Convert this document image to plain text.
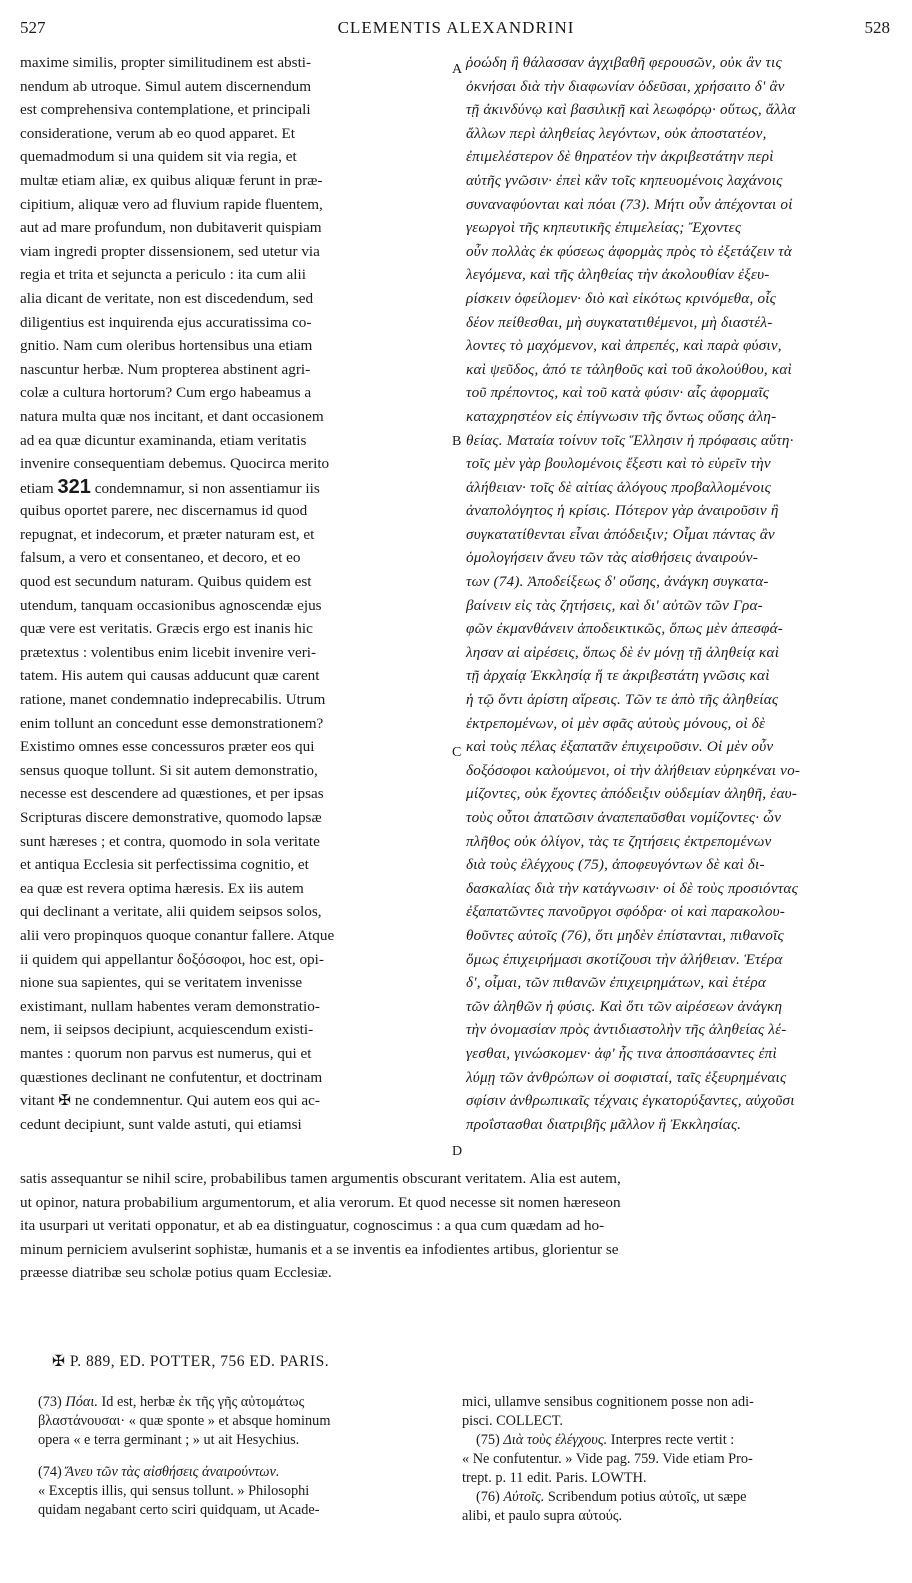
527	CLEMENTIS ALEXANDRINI	528
maxime similis, propter similitudinem est absti-
nendum ab utroque. Simul autem discernendum
est comprehensiva contemplatione, et principali
consideratione, verum ab eo quod apparet. Et
quemadmodum si una quidem sit via regia, et
multæ etiam aliæ, ex quibus aliquæ ferunt in præ-
cipitium, aliquæ vero ad fluvium rapide fluentem,
aut ad mare profundum, non dubitaverit quispiam
viam ingredi propter dissensionem, sed utetur via
regia et trita et sejuncta a periculo : ita cum alii
alia dicant de veritate, non est discedendum, sed
diligentius est inquirenda ejus accuratissima co-
gnitio. Nam cum oleribus hortensibus una etiam
nascuntur herbæ. Num propterea abstinent agri-
colæ a cultura hortorum? Cum ergo habeamus a
natura multa quæ nos incitant, et dant occasionem
ad ea quæ dicuntur examinanda, etiam veritatis
invenire consequentiam debemus. Quocirca merito
etiam 321 condemnamur, si non assentiamur iis
quibus oportet parere, nec discernamus id quod
repugnat, et indecorum, et præter naturam est, et
falsum, a vero et consentaneo, et decoro, et eo
quod est secundum naturam. Quibus quidem est
utendum, tanquam occasionibus agnoscendæ ejus
quæ vere est veritatis. Græcis ergo est inanis hic
prætextus : volentibus enim licebit invenire veri-
tatem. His autem qui causas adducunt quæ carent
ratione, manet condemnatio indeprecabilis. Utrum
enim tollunt an concedunt esse demonstrationem?
Existimo omnes esse concessuros præter eos qui
sensus quoque tollunt. Si sit autem demonstratio,
necesse est descendere ad quæstiones, et per ipsas
Scripturas discere demonstrative, quomodo lapsæ
sunt hæreses ; et contra, quomodo in sola veritate
et antiqua Ecclesia sit perfectissima cognitio, et
ea quæ est revera optima hæresis. Ex iis autem
qui declinant a veritate, alii quidem seipsos solos,
alii vero propinquos quoque conantur fallere. Atque
ii quidem qui appellantur δοξόσοφοι, hoc est, opi-
nione sua sapientes, qui se veritatem invenisse
existimant, nullam habentes veram demonstratio-
nem, ii seipsos decipiunt, acquiescendum existi-
mantes : quorum non parvus est numerus, qui et
quæstiones declinant ne confutentur, et doctrinam
vitant ✠ ne condemnentur. Qui autem eos qui ac-
cedunt decipiunt, sunt valde astuti, qui etiamsi
A
B
C
D
ῥοώδη ἢ θάλασσαν ἀγχιβαθῆ φερουσῶν, οὐκ ἂν τις
ὀκνήσαι διὰ τὴν διαφωνίαν ὁδεῦσαι, χρήσαιτο δ' ἂν
τῇ ἀκινδύνῳ καὶ βασιλικῇ καὶ λεωφόρῳ· οὕτως, ἄλλα
ἄλλων περὶ ἀληθείας λεγόντων, οὐκ ἀποστατέον,
ἐπιμελέστερον δὲ θηρατέον τὴν ἀκριβεστάτην περὶ
αὐτῆς γνῶσιν· ἐπεὶ κἂν τοῖς κηπευομένοις λαχάνοις
συναναφύονται καὶ πόαι (73). Μήτι οὖν ἀπέχονται οἱ
γεωργοὶ τῆς κηπευτικῆς ἐπιμελείας; Ἔχοντες
οὖν πολλὰς ἐκ φύσεως ἀφορμὰς πρὸς τὸ ἐξετάζειν τὰ
λεγόμενα, καὶ τῆς ἀληθείας τὴν ἀκολουθίαν ἐξευ-
ρίσκειν ὀφείλομεν· διὸ καὶ εἰκότως κρινόμεθα, οἷς
δέον πείθεσθαι, μὴ συγκατατιθέμενοι, μὴ διαστέλ-
λοντες τὸ μαχόμενον, καὶ ἀπρεπές, καὶ παρὰ φύσιν,
καὶ ψεῦδος, ἀπό τε τἀληθοῦς καὶ τοῦ ἀκολούθου, καὶ
τοῦ πρέποντος, καὶ τοῦ κατὰ φύσιν· αἷς ἀφορμαῖς
καταχρηστέον εἰς ἐπίγνωσιν τῆς ὄντως οὔσης ἀλη-
θείας. Ματαία τοίνυν τοῖς Ἕλλησιν ἡ πρόφασις αὕτη·
τοῖς μὲν γὰρ βουλομένοις ἔξεστι καὶ τὸ εὑρεῖν τὴν
ἀλήθειαν· τοῖς δὲ αἰτίας ἀλόγους προβαλλομένοις
ἀναπολόγητος ἡ κρίσις. Πότερον γὰρ ἀναιροῦσιν ἢ
συγκατατίθενται εἶναι ἀπόδειξιν; Οἶμαι πάντας ἂν
ὁμολογήσειν ἄνευ τῶν τὰς αἰσθήσεις ἀναιρούν-
των (74). Ἀποδείξεως δ' οὔσης, ἀνάγκη συγκατα-
βαίνειν εἰς τὰς ζητήσεις, καὶ δι' αὐτῶν τῶν Γρα-
φῶν ἐκμανθάνειν ἀποδεικτικῶς, ὅπως μὲν ἀπεσφά-
λησαν αἱ αἱρέσεις, ὅπως δὲ ἐν μόνῃ τῇ ἀληθείᾳ καὶ
τῇ ἀρχαίᾳ Ἐκκλησίᾳ ἥ τε ἀκριβεστάτη γνῶσις καὶ
ἡ τῷ ὄντι ἀρίστη αἵρεσις. Τῶν τε ἀπὸ τῆς ἀληθείας
ἐκτρεπομένων, οἱ μὲν σφᾶς αὐτοὺς μόνους, οἱ δὲ
καὶ τοὺς πέλας ἐξαπατᾶν ἐπιχειροῦσιν. Οἱ μὲν οὖν
δοξόσοφοι καλούμενοι, οἱ τὴν ἀλήθειαν εὑρηκέναι νο-
μίζοντες, οὐκ ἔχοντες ἀπόδειξιν οὐδεμίαν ἀληθῆ, ἑαυ-
τοὺς οὗτοι ἀπατῶσιν ἀναπεπαῦσθαι νομίζοντες· ὧν
πλῆθος οὐκ ὀλίγον, τὰς τε ζητήσεις ἐκτρεπομένων
διὰ τοὺς ἐλέγχους (75), ἀποφευγόντων δὲ καὶ δι-
δασκαλίας διὰ τὴν κατάγνωσιν· οἱ δὲ τοὺς προσιόντας
ἐξαπατῶντες πανοῦργοι σφόδρα· οἱ καὶ παρακολου-
θοῦντες αὐτοῖς (76), ὅτι μηδὲν ἐπίστανται, πιθανοῖς
ὅμως ἐπιχειρήμασι σκοτίζουσι τὴν ἀλήθειαν. Ἑτέρα
δ', οἶμαι, τῶν πιθανῶν ἐπιχειρημάτων, καὶ ἑτέρα
τῶν ἀληθῶν ἡ φύσις. Καὶ ὅτι τῶν αἱρέσεων ἀνάγκη
τὴν ὀνομασίαν πρὸς ἀντιδιαστολὴν τῆς ἀληθείας λέ-
γεσθαι, γινώσκομεν· ἀφ' ἧς τινα ἀποσπάσαντες ἐπὶ
λύμῃ τῶν ἀνθρώπων οἱ σοφισταί, ταῖς ἐξευρημέναις
σφίσιν ἀνθρωπικαῖς τέχναις ἐγκατορύξαντες, αὐχοῦσι
προΐστασθαι διατριβῆς μᾶλλον ἢ Ἐκκλησίας.
satis assequantur se nihil scire, probabilibus tamen argumentis obscurant veritatem. Alia est autem,
ut opinor, natura probabilium argumentorum, et alia verorum. Et quod necesse sit nomen hæreseon
ita usurpari ut veritati opponatur, et ab ea distinguatur, cognoscimus : a qua cum quædam ad ho-
minum perniciem avulserint sophistæ, humanis et a se inventis ea infodientes artibus, glorientur se
præesse diatribæ seu scholæ potius quam Ecclesiæ.
✠ P. 889, ED. POTTER, 756 ED. PARIS.
(73) Πόαι. Id est, herbæ ἐκ τῆς γῆς αὐτομάτως
βλαστάνουσαι· « quæ sponte » et absque hominum
opera « e terra germinant ; » ut ait Hesychius.
(74) Ἄνευ τῶν τὰς αἰσθήσεις ἀναιρούντων.
« Exceptis illis, qui sensus tollunt. » Philosophi
quidam negabant certo sciri quidquam, ut Acade-
mici, ullamve sensibus cognitionem posse non adi-
pisci. COLLECT.
(75) Διὰ τοὺς ἐλέγχους. Interpres recte vertit :
« Ne confutentur. » Vide pag. 759. Vide etiam Pro-
trept. p. 11 edit. Paris. LOWTH.
(76) Αὐτοῖς. Scribendum potius αὐτοῖς, ut sæpe
alibi, et paulo supra αὐτούς.
